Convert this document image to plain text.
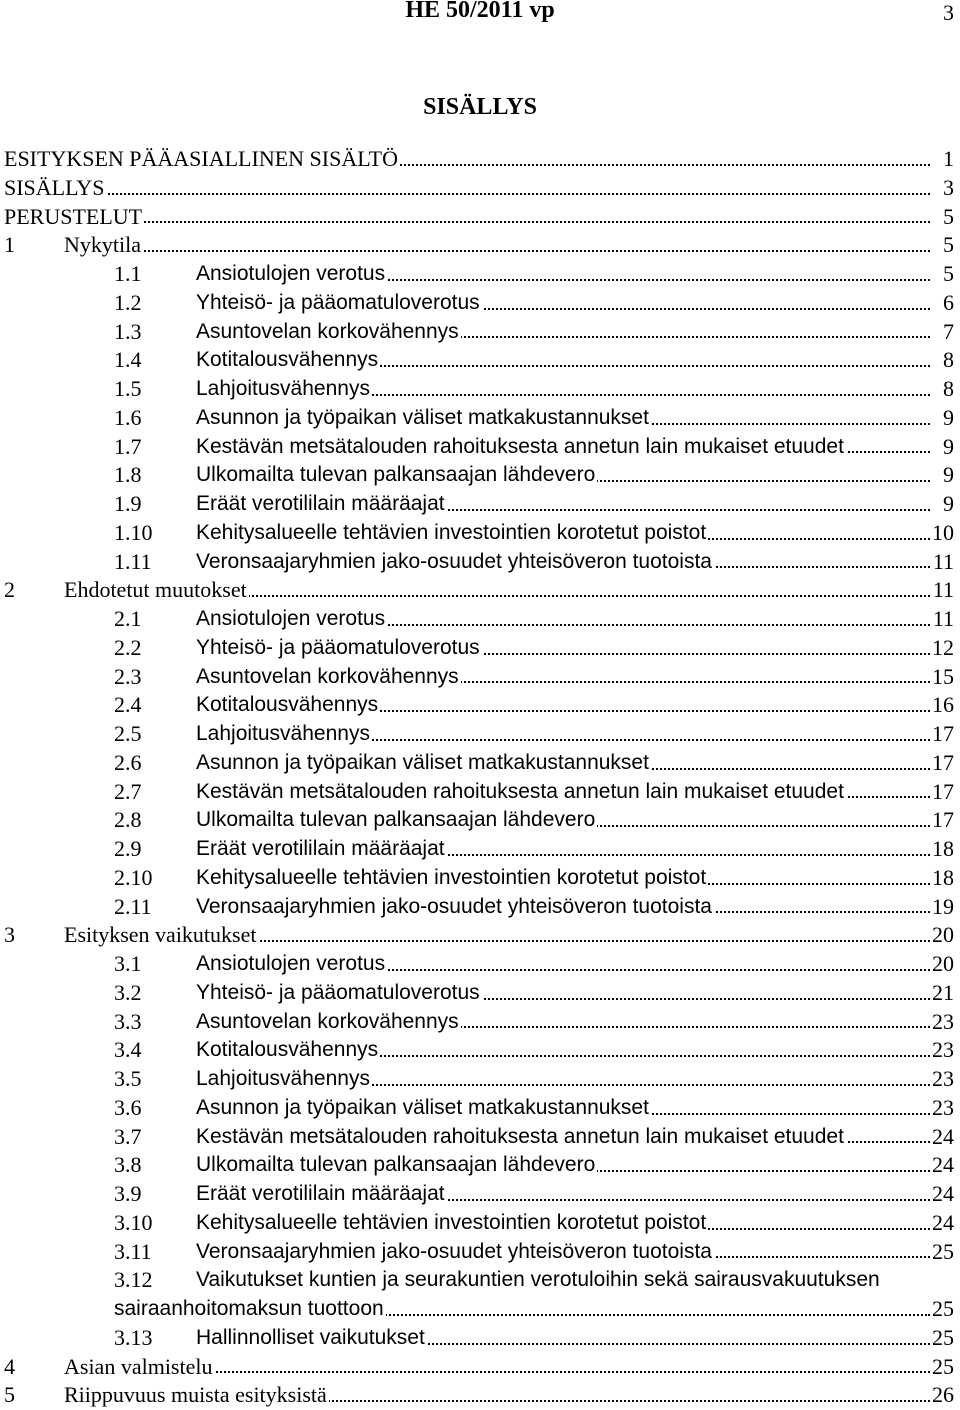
HE 50/2011 vp	3
SISÄLLYS
ESITYKSEN PÄÄASIALLINEN SISÄLTÖ	1
SISÄLLYS	3
PERUSTELUT	5
1 Nykytila	5
1.1	Ansiotulojen verotus	5
1.2	Yhteisö- ja pääomatuloverotus	6
1.3	Asuntovelan korkovähennys	7
1.4	Kotitalousvähennys	8
1.5	Lahjoitusvähennys	8
1.6	Asunnon ja työpaikan väliset matkakustannukset	9
1.7	Kestävän metsätalouden rahoituksesta annetun lain mukaiset etuudet	9
1.8	Ulkomailta tulevan palkansaajan lähdevero	9
1.9	Eräät verotililain määräajat	9
1.10 Kehitysalueelle tehtävien investointien korotetut poistot	10
1.11 Veronsaajaryhmien jako-osuudet yhteisöveron tuotoista	11
2 Ehdotetut muutokset	11
2.1	Ansiotulojen verotus	11
2.2	Yhteisö- ja pääomatuloverotus	12
2.3	Asuntovelan korkovähennys	15
2.4	Kotitalousvähennys	16
2.5	Lahjoitusvähennys	17
2.6	Asunnon ja työpaikan väliset matkakustannukset	17
2.7	Kestävän metsätalouden rahoituksesta annetun lain mukaiset etuudet	17
2.8	Ulkomailta tulevan palkansaajan lähdevero	17
2.9	Eräät verotililain määräajat	18
2.10 Kehitysalueelle tehtävien investointien korotetut poistot	18
2.11 Veronsaajaryhmien jako-osuudet yhteisöveron tuotoista	19
3 Esityksen vaikutukset	20
3.1	Ansiotulojen verotus	20
3.2	Yhteisö- ja pääomatuloverotus	21
3.3	Asuntovelan korkovähennys	23
3.4	Kotitalousvähennys	23
3.5	Lahjoitusvähennys	23
3.6	Asunnon ja työpaikan väliset matkakustannukset	23
3.7	Kestävän metsätalouden rahoituksesta annetun lain mukaiset etuudet	24
3.8	Ulkomailta tulevan palkansaajan lähdevero	24
3.9	Eräät verotililain määräajat	24
3.10 Kehitysalueelle tehtävien investointien korotetut poistot	24
3.11 Veronsaajaryhmien jako-osuudet yhteisöveron tuotoista	25
3.12 Vaikutukset kuntien ja seurakuntien verotuloihin sekä sairausvakuutuksen
sairaanhoitomaksun tuottoon	25
3.13 Hallinnolliset vaikutukset	25
4 Asian valmistelu	25
5 Riippuvuus muista esityksistä	26
